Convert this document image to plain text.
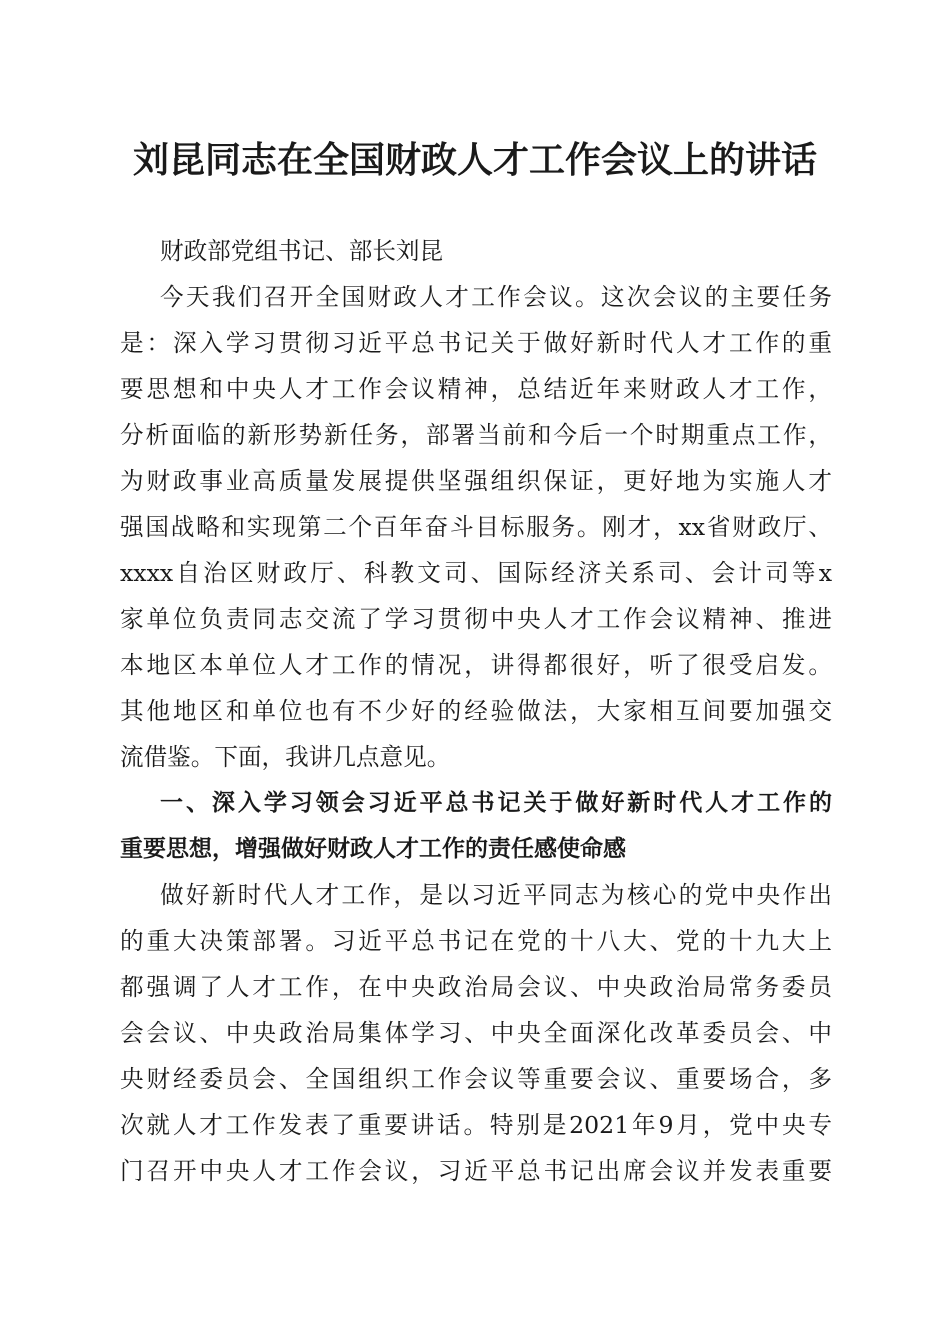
刘昆同志在全国财政人才工作会议上的讲话
财政部党组书记、部长刘昆
今天我们召开全国财政人才工作会议。这次会议的主要任务
是：深入学习贯彻习近平总书记关于做好新时代人才工作的重
要思想和中央人才工作会议精神，总结近年来财政人才工作，
分析面临的新形势新任务，部署当前和今后一个时期重点工作，
为财政事业高质量发展提供坚强组织保证，更好地为实施人才
强国战略和实现第二个百年奋斗目标服务。刚才，xx省财政厅、
xxxx自治区财政厅、科教文司、国际经济关系司、会计司等x
家单位负责同志交流了学习贯彻中央人才工作会议精神、推进
本地区本单位人才工作的情况，讲得都很好，听了很受启发。
其他地区和单位也有不少好的经验做法，大家相互间要加强交
流借鉴。下面，我讲几点意见。
一、深入学习领会习近平总书记关于做好新时代人才工作的
重要思想，增强做好财政人才工作的责任感使命感
做好新时代人才工作，是以习近平同志为核心的党中央作出
的重大决策部署。习近平总书记在党的十八大、党的十九大上
都强调了人才工作，在中央政治局会议、中央政治局常务委员
会会议、中央政治局集体学习、中央全面深化改革委员会、中
央财经委员会、全国组织工作会议等重要会议、重要场合，多
次就人才工作发表了重要讲话。特别是2021年9月，党中央专
门召开中央人才工作会议，习近平总书记出席会议并发表重要
